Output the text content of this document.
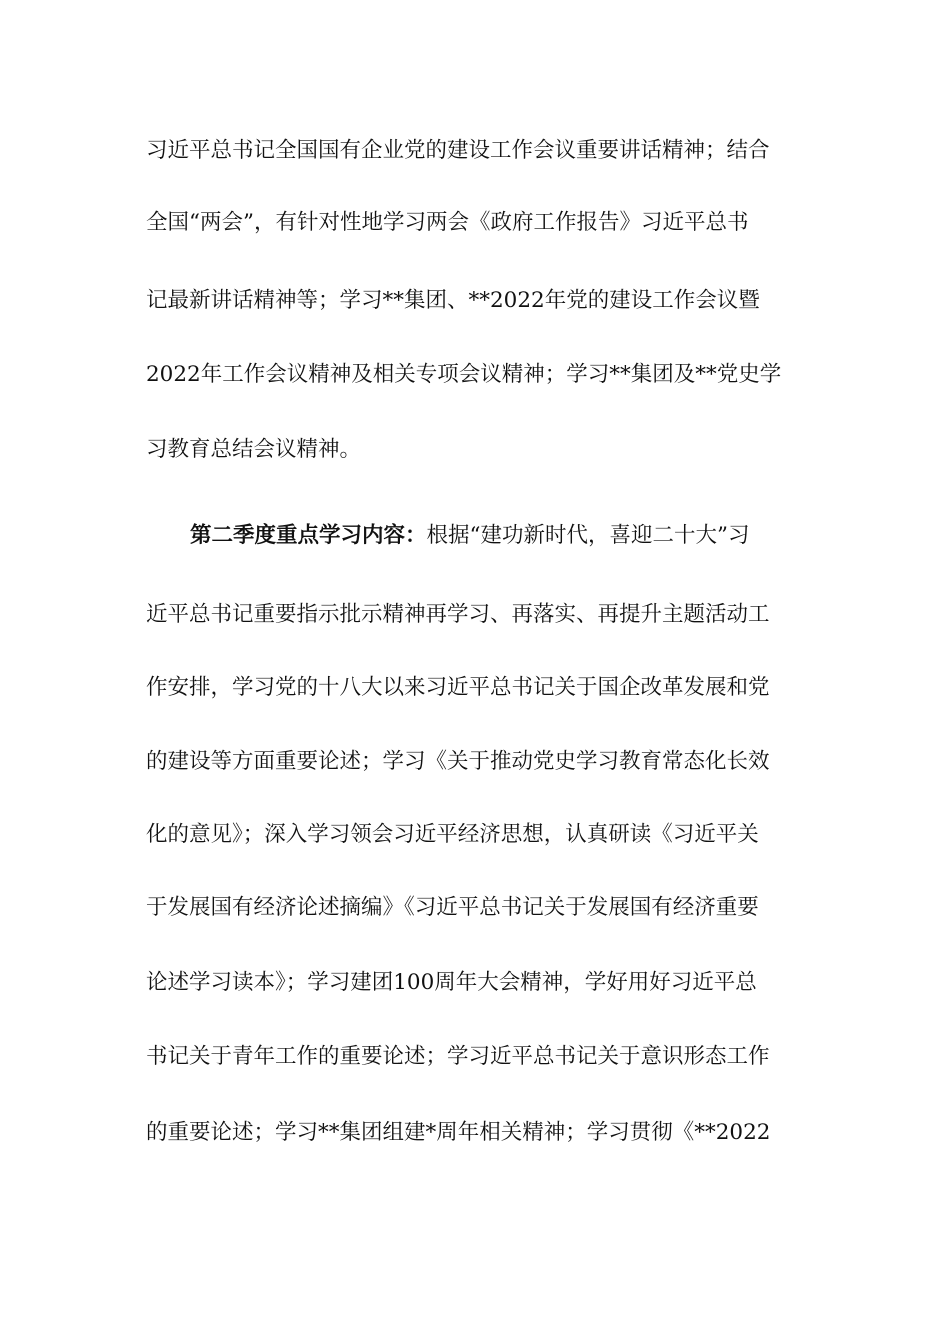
习近平总书记全国国有企业党的建设工作会议重要讲话精神；结合
全国“两会”，有针对性地学习两会《政府工作报告》习近平总书
记最新讲话精神等；学习**集团、**2022年党的建设工作会议暨
2022年工作会议精神及相关专项会议精神；学习**集团及**党史学
习教育总结会议精神。
第二季度重点学习内容：根据“建功新时代，喜迎二十大”习
近平总书记重要指示批示精神再学习、再落实、再提升主题活动工
作安排，学习党的十八大以来习近平总书记关于国企改革发展和党
的建设等方面重要论述；学习《关于推动党史学习教育常态化长效
化的意见》；深入学习领会习近平经济思想，认真研读《习近平关
于发展国有经济论述摘编》《习近平总书记关于发展国有经济重要
论述学习读本》；学习建团100周年大会精神，学好用好习近平总
书记关于青年工作的重要论述；学习近平总书记关于意识形态工作
的重要论述；学习**集团组建*周年相关精神；学习贯彻《**2022
